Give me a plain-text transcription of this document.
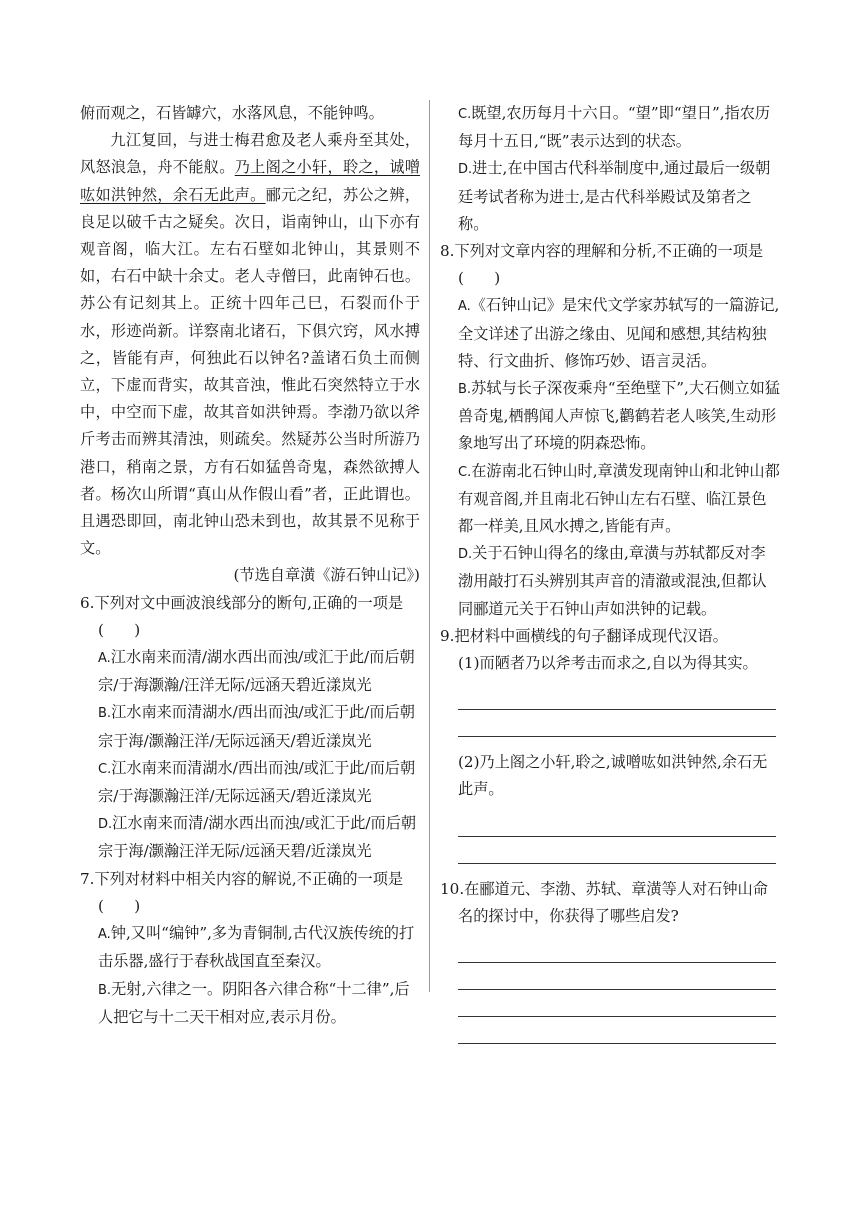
俯而观之，石皆罅穴，水落风息，不能钟鸣。

九江复回，与进士梅君愈及老人乘舟至其处，风怒浪急，舟不能舣。乃上阁之小轩，聆之，诚噌吰如洪钟然，余石无此声。郦元之纪，苏公之辨，良足以破千古之疑矣。次日，诣南钟山，山下亦有观音阁，临大江。左右石壁如北钟山，其景则不如，右石中缺十余丈。老人寺僧曰，此南钟石也。苏公有记刻其上。正统十四年己巳，石裂而仆于水，形迹尚新。详察南北诸石，下俱穴窍，风水搏之，皆能有声，何独此石以钟名?盖诸石负土而侧立，下虚而背实，故其音浊，惟此石突然特立于水中，中空而下虚，故其音如洪钟焉。李渤乃欲以斧斤考击而辨其清浊，则疏矣。然疑苏公当时所游乃港口，稍南之景，方有石如猛兽奇鬼，森然欲搏人者。杨次山所谓“真山从作假山看”者，正此谓也。且遇恐即回，南北钟山恐未到也，故其景不见称于文。

(节选自章潢《游石钟山记》)

6.下列对文中画波浪线部分的断句,正确的一项是

(　　)

A.江水南来而清/湖水西出而浊/或汇于此/而后朝宗/于海灏瀚/汪洋无际/远涵天碧近漾岚光

B.江水南来而清湖水/西出而浊/或汇于此/而后朝宗于海/灏瀚汪洋/无际远涵天/碧近漾岚光

C.江水南来而清湖水/西出而浊/或汇于此/而后朝宗/于海灏瀚汪洋/无际远涵天/碧近漾岚光

D.江水南来而清/湖水西出而浊/或汇于此/而后朝宗于海/灏瀚汪洋无际/远涵天碧/近漾岚光

7.下列对材料中相关内容的解说,不正确的一项是

(　　)

A.钟,又叫“编钟”,多为青铜制,古代汉族传统的打击乐器,盛行于春秋战国直至秦汉。

B.无射,六律之一。阴阳各六律合称“十二律”,后人把它与十二天干相对应,表示月份。

C.既望,农历每月十六日。“望”即“望日”,指农历每月十五日,“既”表示达到的状态。

D.进士,在中国古代科举制度中,通过最后一级朝廷考试者称为进士,是古代科举殿试及第者之称。

8.下列对文章内容的理解和分析,不正确的一项是

(　　)

A.《石钟山记》是宋代文学家苏轼写的一篇游记,全文详述了出游之缘由、见闻和感想,其结构独特、行文曲折、修饰巧妙、语言灵活。

B.苏轼与长子深夜乘舟“至绝壁下”,大石侧立如猛兽奇鬼,栖鹘闻人声惊飞,鹳鹤若老人咳笑,生动形象地写出了环境的阴森恐怖。

C.在游南北石钟山时,章潢发现南钟山和北钟山都有观音阁,并且南北石钟山左右石壁、临江景色都一样美,且风水搏之,皆能有声。

D.关于石钟山得名的缘由,章潢与苏轼都反对李渤用敲打石头辨别其声音的清澈或混浊,但都认同郦道元关于石钟山声如洪钟的记载。

9.把材料中画横线的句子翻译成现代汉语。

(1)而陋者乃以斧考击而求之,自以为得其实。

(2)乃上阁之小轩,聆之,诚噌吰如洪钟然,余石无此声。

10.在郦道元、李渤、苏轼、章潢等人对石钟山命名的探讨中，你获得了哪些启发?
